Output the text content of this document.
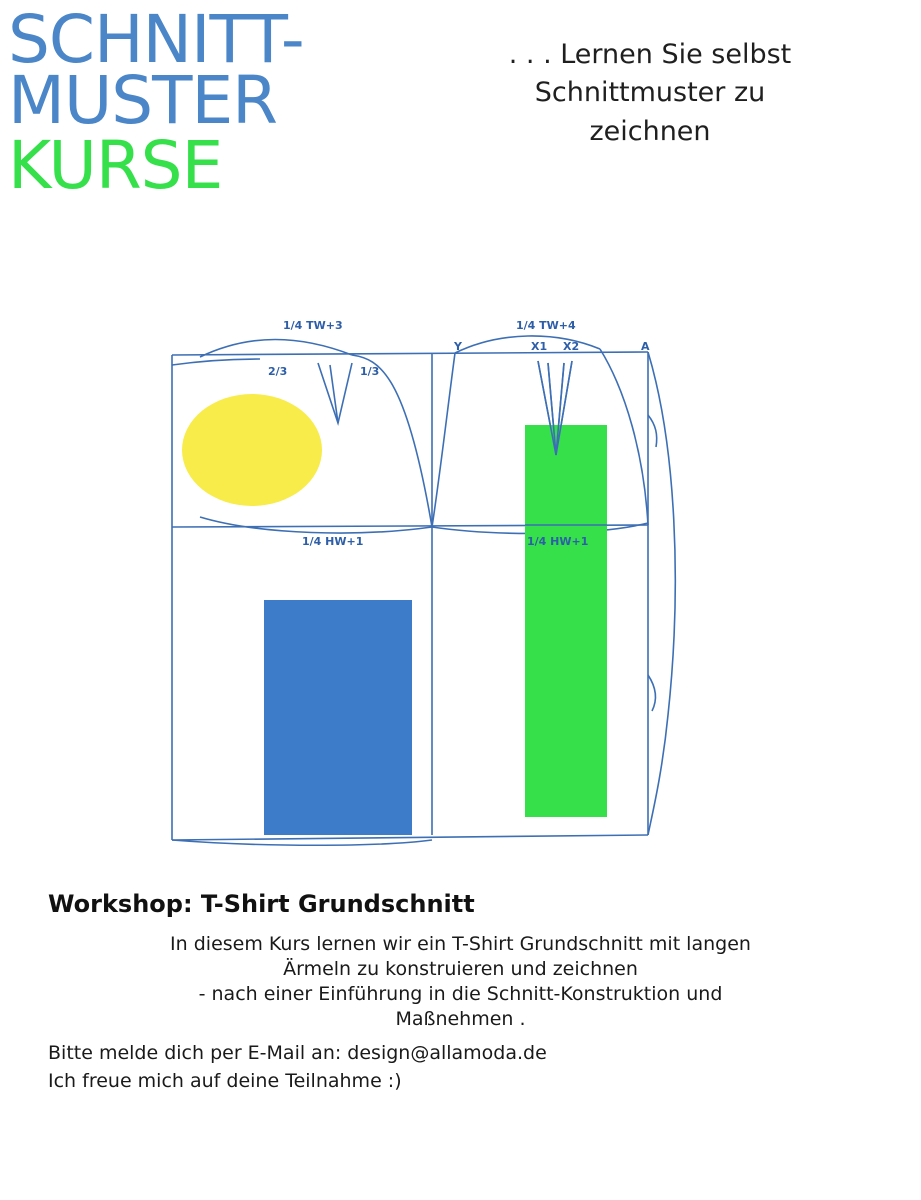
SCHNITT-
MUSTER
KURSE
. . . Lernen Sie selbst Schnittmuster zu zeichnen
1/4 TW+3	1/4 TW+4
2/3	1/3
Y	X1 X2	A
1/4 HW+1	1/4 HW+1
Workshop: T-Shirt Grundschnitt

In diesem Kurs lernen wir ein T-Shirt Grundschnitt mit langen

Ärmeln zu konstruieren und zeichnen

- nach einer Einführung in die Schnitt-Konstruktion und

Maßnehmen .

Bitte melde dich per E-Mail an: design@allamoda.de

Ich freue mich auf deine Teilnahme :)
